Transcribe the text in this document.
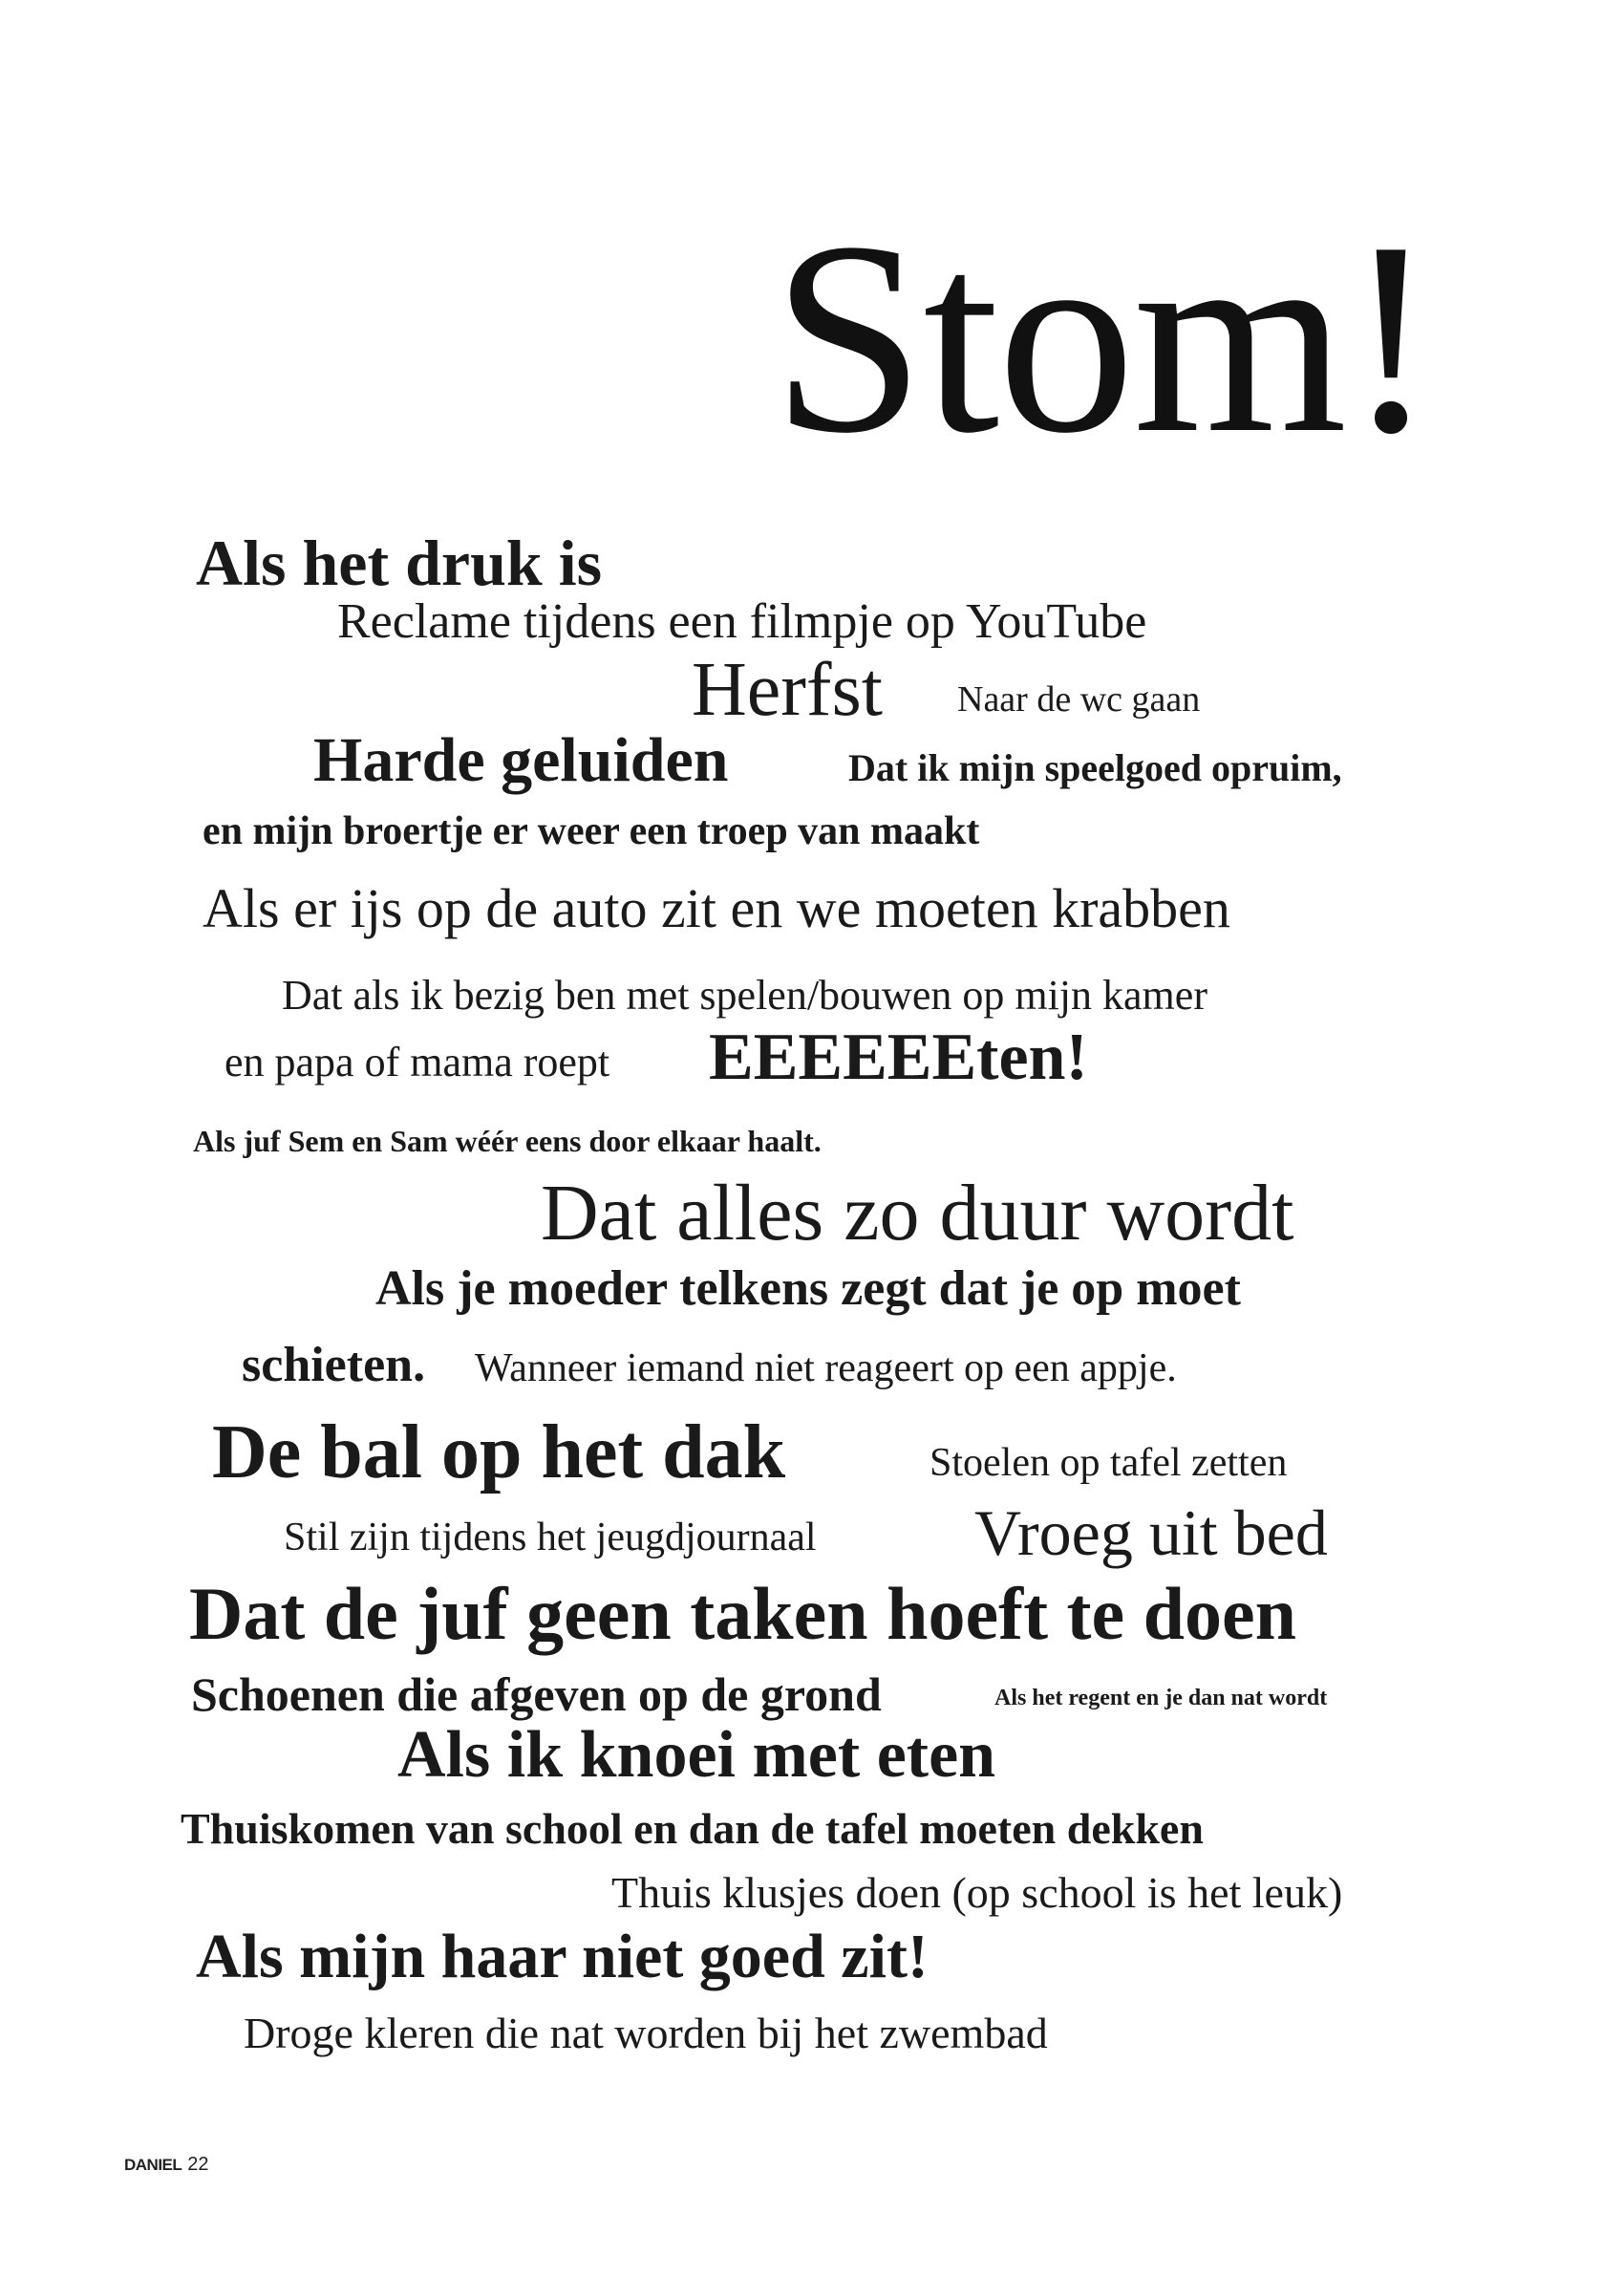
Stom!
Als het druk is
Reclame tijdens een filmpje op YouTube
Herfst Naar de wc gaan
Harde geluiden	Dat ik mijn speelgoed opruim,
en mijn broertje er weer een troep van maakt
Als er ijs op de auto zit en we moeten krabben
Dat als ik bezig ben met spelen/bouwen op mijn kamer
en papa of mama roept EEEEEEten!
Als juf Sem en Sam wéér eens door elkaar haalt.
Dat alles zo duur wordt
Als je moeder telkens zegt dat je op moet
schieten. Wanneer iemand niet reageert op een appje.
De bal op het dak	Stoelen op tafel zetten
Stil zijn tijdens het jeugdjournaal Vroeg uit bed
Dat de juf geen taken hoeft te doen
Schoenen die afgeven op de grond	Als het regent en je dan nat wordt
Als ik knoei met eten
Thuiskomen van school en dan de tafel moeten dekken
Thuis klusjes doen (op school is het leuk)
Als mijn haar niet goed zit!
Droge kleren die nat worden bij het zwembad
DANIEL 22
